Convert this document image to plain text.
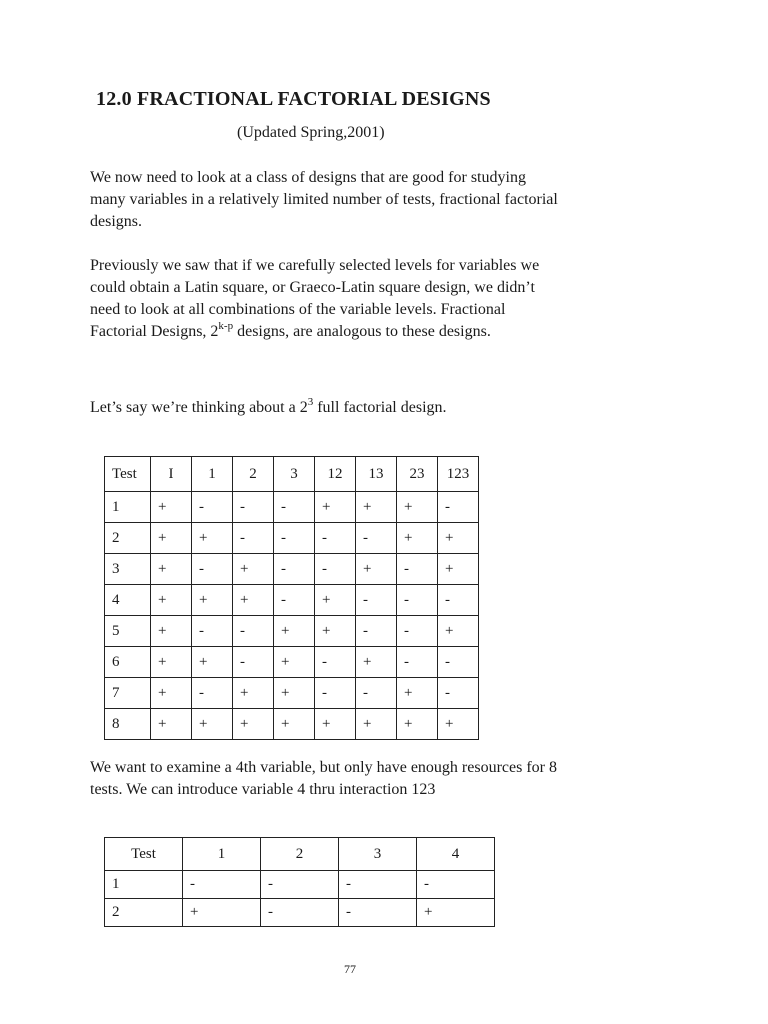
12.0 FRACTIONAL FACTORIAL DESIGNS
(Updated Spring,2001)
We now need to look at a class of designs that are good for studying many variables in a relatively limited number of tests, fractional factorial designs.
Previously we saw that if we carefully selected levels for variables we could obtain a Latin square, or Graeco-Latin square design, we didn’t need to look at all combinations of the variable levels. Fractional Factorial Designs, 2$^{k-p}$ designs, are analogous to these designs.
Let’s say we’re thinking about a $2^3$ full factorial design.
Test	I	1	2	3	12	13	23	123
1	+	-	-	-	+	+	+	-
2	+	+	-	-	-	-	+	+
3	+	-	+	-	-	+	-	+
4	+	+	+	-	+	-	-	-
5	+	-	-	+	+	-	-	+
6	+	+	-	+	-	+	-	-
7	+	-	+	+	-	-	+	-
8	+	+	+	+	+	+	+	+
We want to examine a 4th variable, but only have enough resources for 8 tests. We can introduce variable 4 thru interaction 123
Test	1	2	3	4
1	-	-	-	-
2	+	-	-	+
77
